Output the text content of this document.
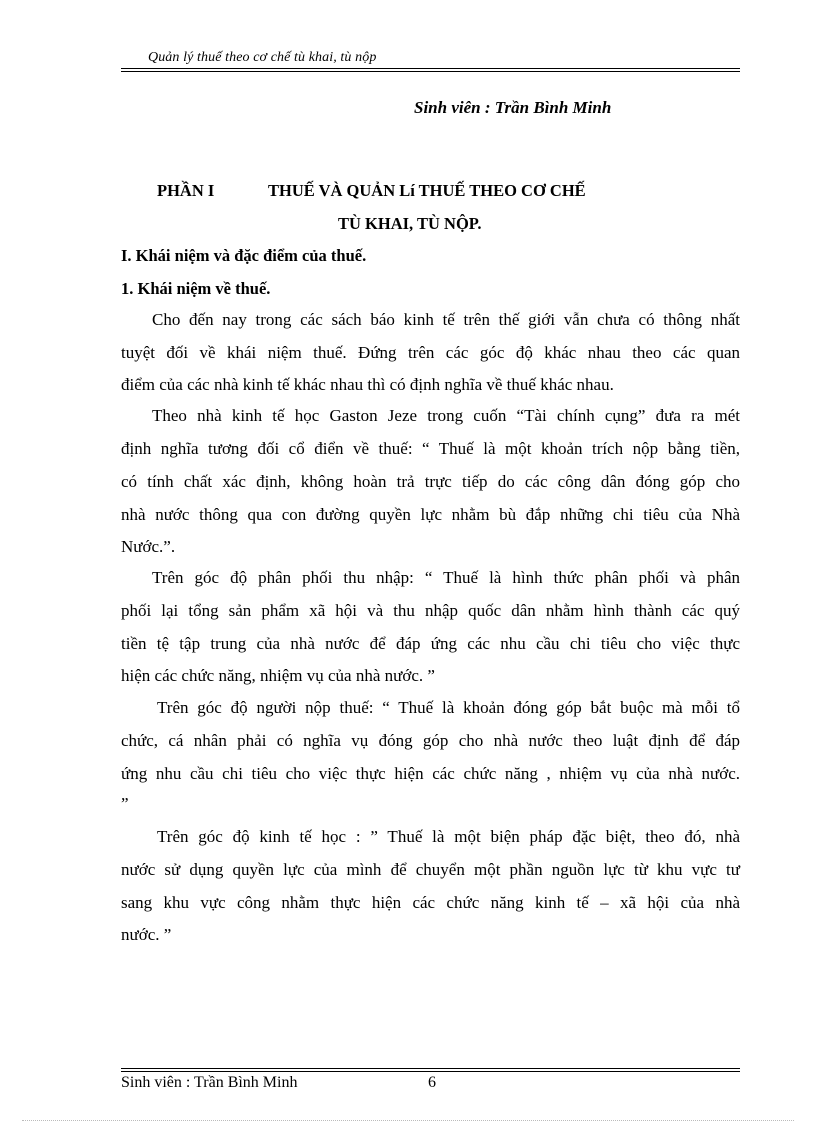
Quản lý thuế theo cơ chế tù khai, tù nộp
Sinh viên : Trần Bình Minh
PHẦN I	THUẾ VÀ QUẢN Lí THUẾ THEO CƠ CHẾ
TÙ KHAI, TÙ NỘP.
I. Khái niệm và đặc điểm của thuế.
1. Khái niệm về thuế.
Cho đến nay trong các sách báo kinh tế trên thế giới vẫn chưa có thông nhất
tuyệt đối về khái niệm thuế. Đứng trên các góc độ khác nhau theo các quan
điểm của các nhà kinh tế khác nhau thì có định nghĩa về thuế khác nhau.
Theo nhà kinh tế học Gaston Jeze trong cuốn “Tài chính cụng” đưa ra mét
định nghĩa tương đối cổ điển về thuế: “ Thuế là một khoản trích nộp bằng tiền,
có tính chất xác định, không hoàn trả trực tiếp do các công dân đóng góp cho
nhà nước thông qua con đường quyền lực nhằm bù đắp những chi tiêu của Nhà
Nước.”.
Trên góc độ phân phối thu nhập: “ Thuế là hình thức phân phối và phân
phối lại tổng sản phẩm xã hội và thu nhập quốc dân nhằm hình thành các quý
tiền tệ tập trung của nhà nước để đáp ứng các nhu cầu chi tiêu cho việc thực
hiện các chức năng, nhiệm vụ của nhà nước. ”
Trên góc độ người nộp thuế: “ Thuế là khoản đóng góp bắt buộc mà mỗi tổ
chức, cá nhân phải có nghĩa vụ đóng góp cho nhà nước theo luật định để đáp
ứng nhu cầu chi tiêu cho việc thực hiện các chức năng , nhiệm vụ của nhà nước.
”
Trên góc độ kinh tế học : ” Thuế là một biện pháp đặc biệt, theo đó, nhà
nước sử dụng quyền lực của mình để chuyển một phần nguồn lực từ khu vực tư
sang khu vực công nhằm thực hiện các chức năng kinh tế – xã hội của nhà
nước. ”
Sinh viên : Trần Bình Minh	6
